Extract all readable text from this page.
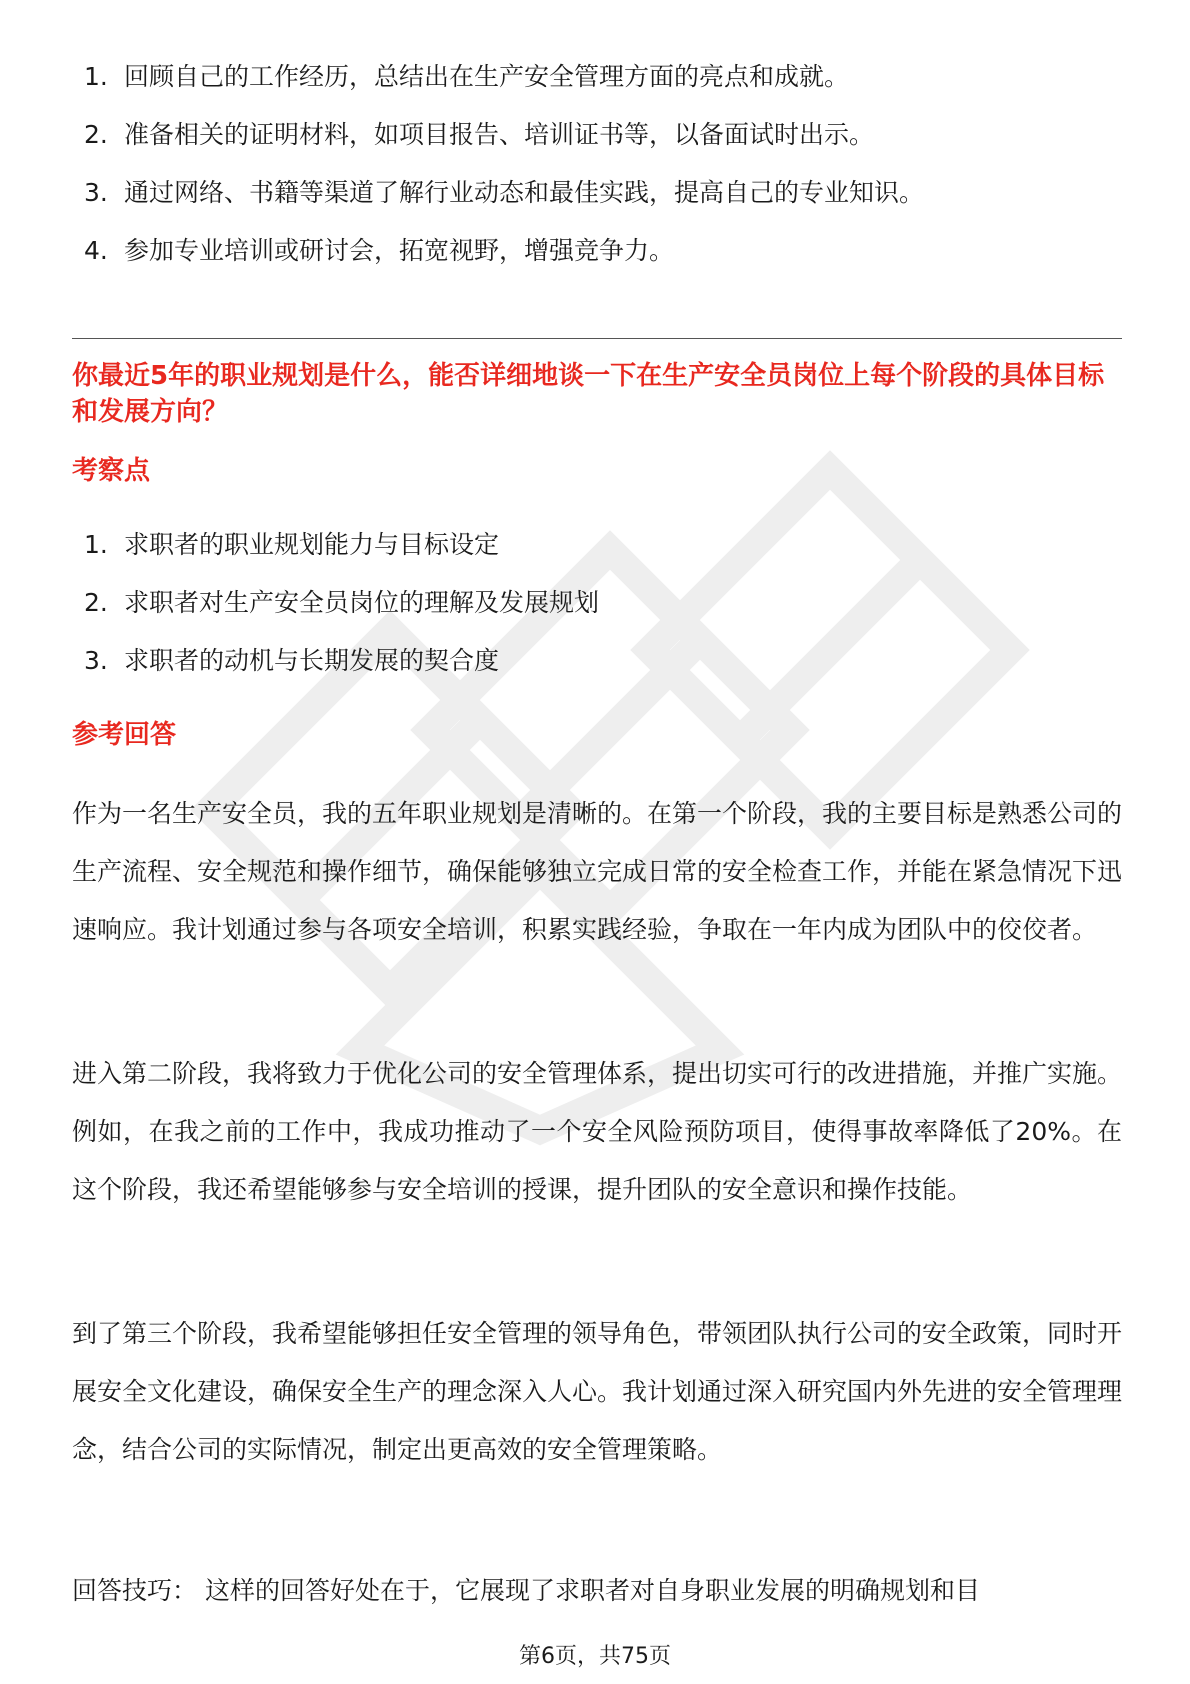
1. 回顾自己的工作经历，总结出在生产安全管理方面的亮点和成就。
2. 准备相关的证明材料，如项目报告、培训证书等，以备面试时出示。
3. 通过网络、书籍等渠道了解行业动态和最佳实践，提高自己的专业知识。
4. 参加专业培训或研讨会，拓宽视野，增强竞争力。
你最近5年的职业规划是什么，能否详细地谈一下在生产安全员岗位上每个阶段的具体目标和发展方向？
考察点
1. 求职者的职业规划能力与目标设定
2. 求职者对生产安全员岗位的理解及发展规划
3. 求职者的动机与长期发展的契合度
参考回答

作为一名生产安全员，我的五年职业规划是清晰的。在第一个阶段，我的主要目标是熟悉公司的生产流程、安全规范和操作细节，确保能够独立完成日常的安全检查工作，并能在紧急情况下迅速响应。我计划通过参与各项安全培训，积累实践经验，争取在一年内成为团队中的佼佼者。

进入第二阶段，我将致力于优化公司的安全管理体系，提出切实可行的改进措施，并推广实施。例如，在我之前的工作中，我成功推动了一个安全风险预防项目，使得事故率降低了20%。在这个阶段，我还希望能够参与安全培训的授课，提升团队的安全意识和操作技能。

到了第三个阶段，我希望能够担任安全管理的领导角色，带领团队执行公司的安全政策，同时开展安全文化建设，确保安全生产的理念深入人心。我计划通过深入研究国内外先进的安全管理理念，结合公司的实际情况，制定出更高效的安全管理策略。

回答技巧： 这样的回答好处在于，它展现了求职者对自身职业发展的明确规划和目

第6页，共75页
